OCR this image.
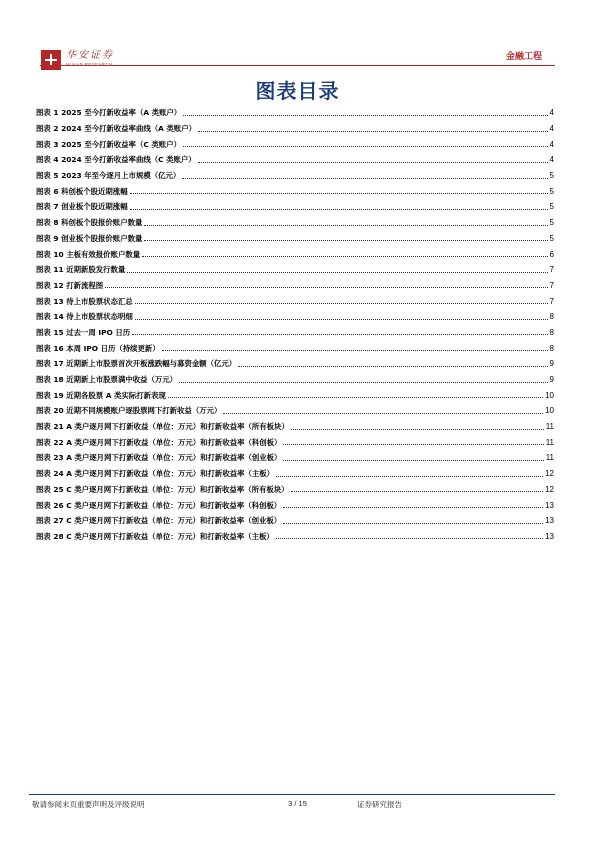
华安证券	金融工程
图表目录
图表 1 2025 至今打新收益率（A 类账户）	4
图表 2 2024 至今打新收益率曲线（A 类账户）	4
图表 3 2025 至今打新收益率（C 类账户）	4
图表 4 2024 至今打新收益率曲线（C 类账户）	4
图表 5 2023 年至今逐月上市规模（亿元）	5
图表 6 科创板个股近期涨幅	5
图表 7 创业板个股近期涨幅	5
图表 8 科创板个股报价账户数量	5
图表 9 创业板个股报价账户数量	5
图表 10 主板有效报价账户数量	6
图表 11 近期新股发行数量	7
图表 12 打新流程图	7
图表 13 待上市股票状态汇总	7
图表 14 待上市股票状态明细	8
图表 15 过去一周 IPO 日历	8
图表 16 本周 IPO 日历（持续更新）	8
图表 17 近期新上市股票首次开板涨跌幅与募资金额（亿元）	9
图表 18 近期新上市股票满中收益（万元）	9
图表 19 近期各股票 A 类实际打新表现	10
图表 20 近期不同规模账户逐股票网下打新收益（万元）	10
图表 21 A 类户逐月网下打新收益（单位：万元）和打新收益率（所有板块）	11
图表 22 A 类户逐月网下打新收益（单位：万元）和打新收益率（科创板）	11
图表 23 A 类户逐月网下打新收益（单位：万元）和打新收益率（创业板）	11
图表 24 A 类户逐月网下打新收益（单位：万元）和打新收益率（主板）	12
图表 25 C 类户逐月网下打新收益（单位：万元）和打新收益率（所有板块）	12
图表 26 C 类户逐月网下打新收益（单位：万元）和打新收益率（科创板）	13
图表 27 C 类户逐月网下打新收益（单位：万元）和打新收益率（创业板）	13
图表 28 C 类户逐月网下打新收益（单位：万元）和打新收益率（主板）	13
敬请参阅末页重要声明及评级说明	3 / 15	证券研究报告
